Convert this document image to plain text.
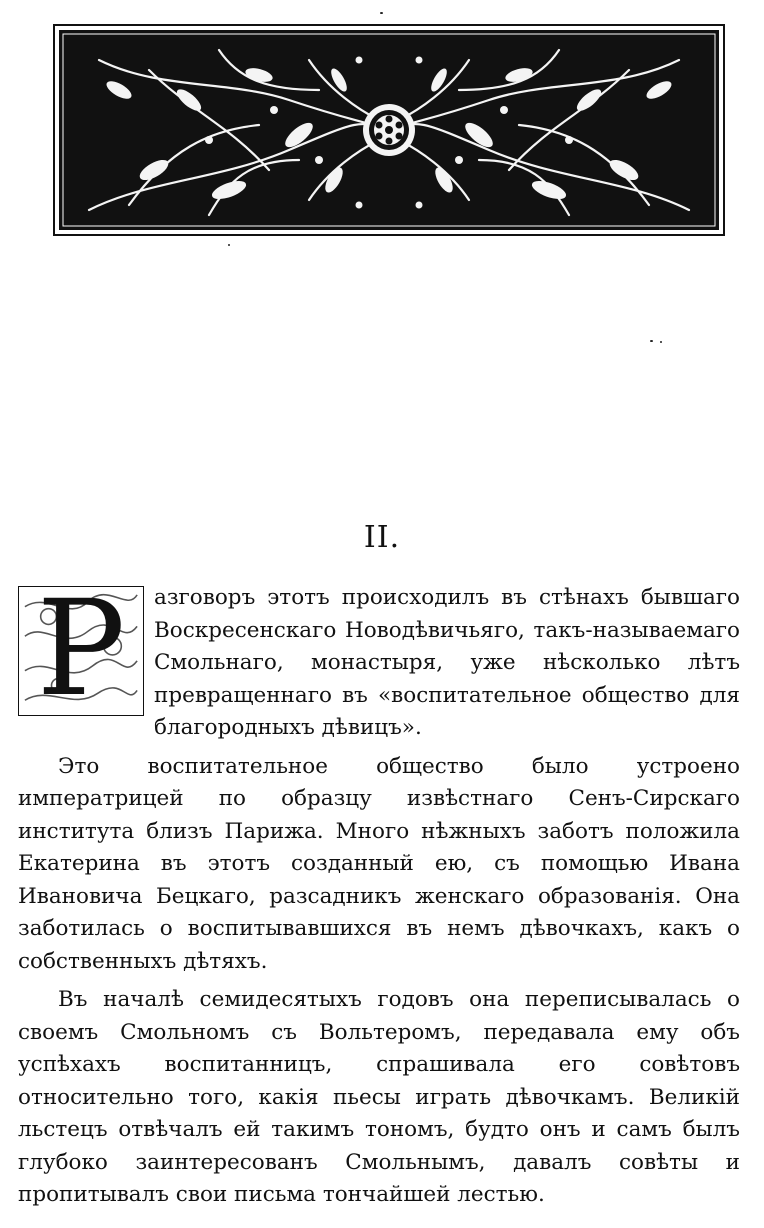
II.

Р	азговоръ этотъ происходилъ въ стѣнахъ бывшаго Воскресенскаго Новодѣвичьяго, такъ-называемаго Смольнаго, монастыря, уже нѣсколько лѣтъ превращеннаго въ «воспитательное общество для благородныхъ дѣвицъ».

Это воспитательное общество было устроено императрицей по образцу извѣстнаго Сенъ-Сирскаго института близъ Парижа. Много нѣжныхъ заботъ положила Екатерина въ этотъ созданный ею, съ помощью Ивана Ивановича Бецкаго, разсадникъ женскаго образованія. Она заботилась о воспитывавшихся въ немъ дѣвочкахъ, какъ о собственныхъ дѣтяхъ.

Въ началѣ семидесятыхъ годовъ она переписывалась о своемъ Смольномъ съ Вольтеромъ, передавала ему объ успѣхахъ воспитанницъ, спрашивала его совѣтовъ относительно того, какія пьесы играть дѣвочкамъ. Великій льстецъ отвѣчалъ ей такимъ тономъ, будто онъ и самъ былъ глубоко заинтересованъ Смольнымъ, давалъ совѣты и пропитывалъ свои письма тончайшей лестью.
